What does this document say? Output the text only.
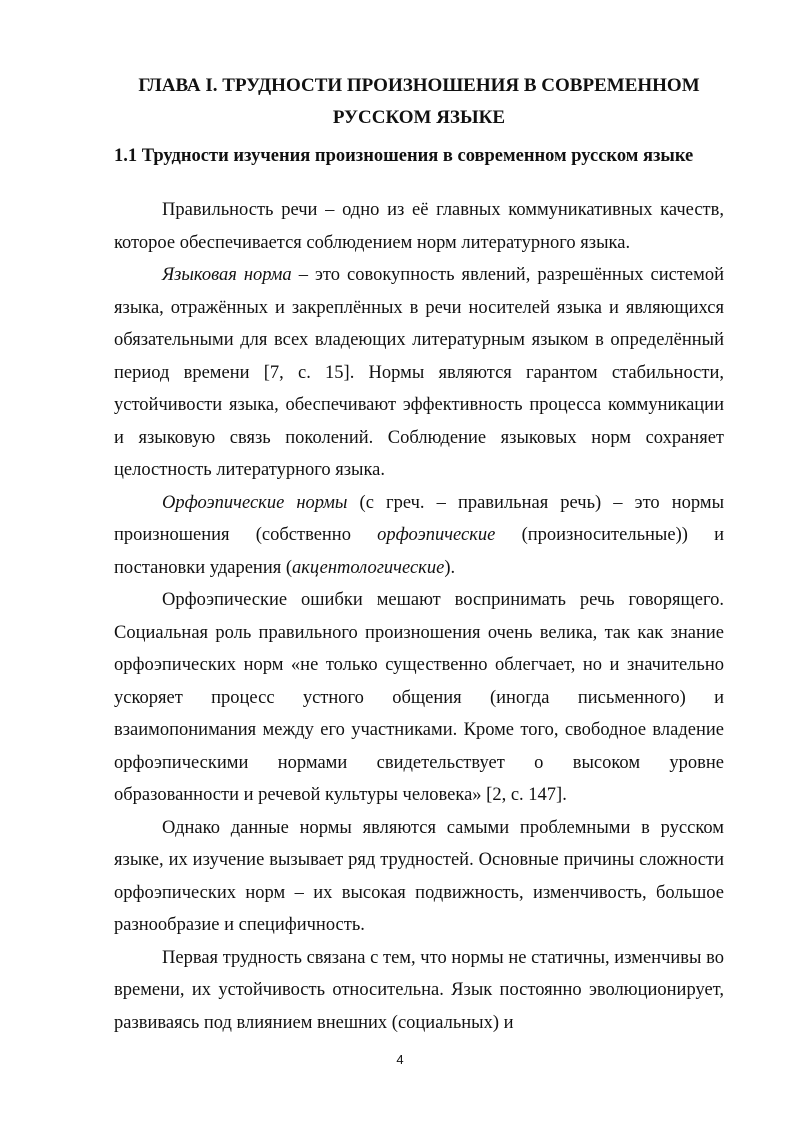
ГЛАВА I. ТРУДНОСТИ ПРОИЗНОШЕНИЯ В СОВРЕМЕННОМ
РУССКОМ ЯЗЫКЕ
1.1 Трудности изучения произношения в современном русском языке

Правильность речи – одно из её главных коммуникативных качеств, которое обеспечивается соблюдением норм литературного языка.

Языковая норма – это совокупность явлений, разрешённых системой языка, отражённых и закреплённых в речи носителей языка и являющихся обязательными для всех владеющих литературным языком в определённый период времени [7, с. 15]. Нормы являются гарантом стабильности, устойчивости языка, обеспечивают эффективность процесса коммуникации и языковую связь поколений. Соблюдение языковых норм сохраняет целостность литературного языка.

Орфоэпические нормы (с греч. – правильная речь) – это нормы произношения (собственно орфоэпические (произносительные)) и постановки ударения (акцентологические).

Орфоэпические ошибки мешают воспринимать речь говорящего. Социальная роль правильного произношения очень велика, так как знание орфоэпических норм «не только существенно облегчает, но и значительно ускоряет процесс устного общения (иногда письменного) и взаимопонимания между его участниками. Кроме того, свободное владение орфоэпическими нормами свидетельствует о высоком уровне образованности и речевой культуры человека» [2, с. 147].

Однако данные нормы являются самыми проблемными в русском языке, их изучение вызывает ряд трудностей. Основные причины сложности орфоэпических норм – их высокая подвижность, изменчивость, большое разнообразие и специфичность.

Первая трудность связана с тем, что нормы не статичны, изменчивы во времени, их устойчивость относительна. Язык постоянно эволюционирует, развиваясь под влиянием внешних (социальных) и

4
